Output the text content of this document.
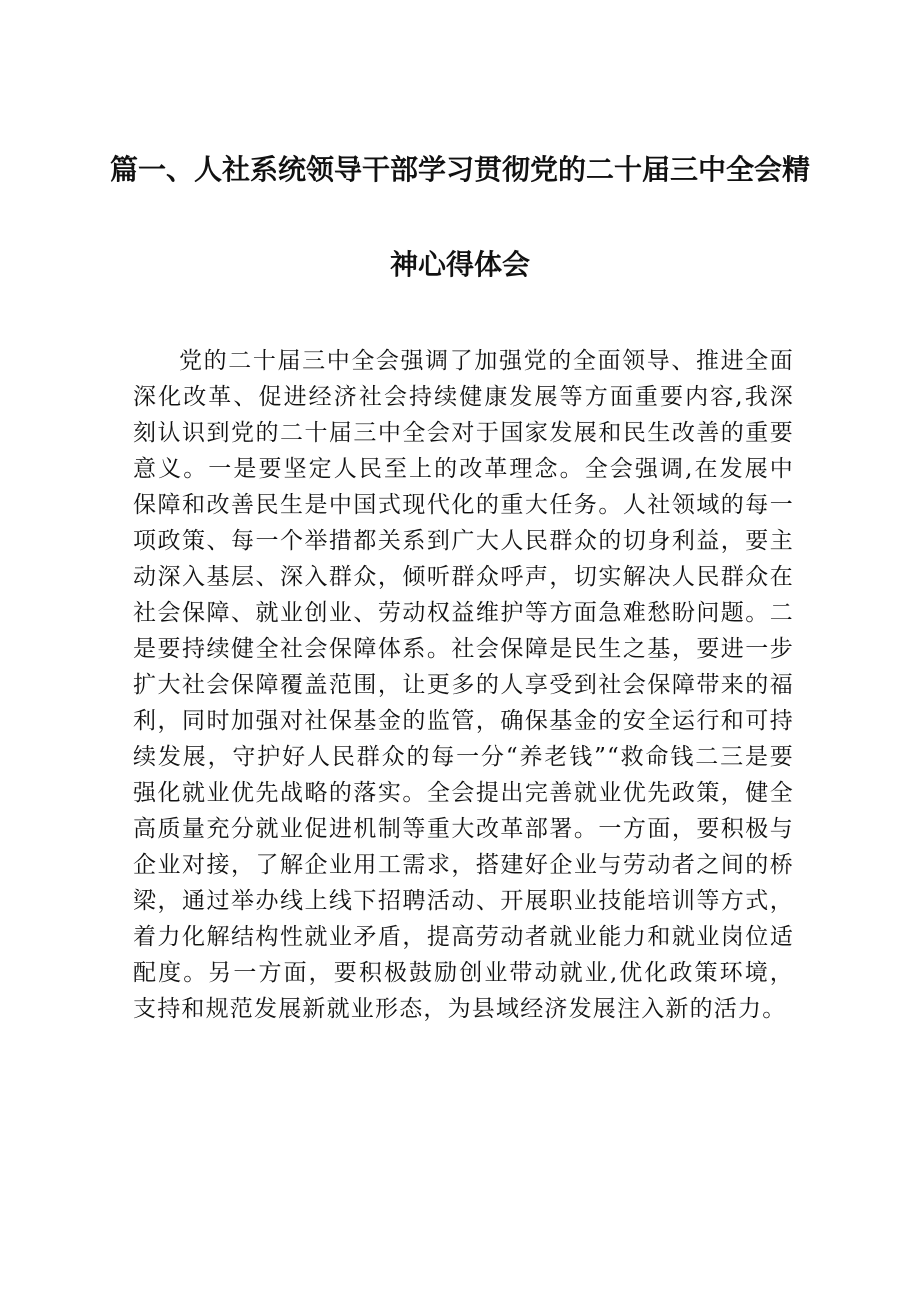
篇一、人社系统领导干部学习贯彻党的二十届三中全会精
神心得体会

党的二十届三中全会强调了加强党的全面领导、推进全面深化改革、促进经济社会持续健康发展等方面重要内容,我深刻认识到党的二十届三中全会对于国家发展和民生改善的重要意义。一是要坚定人民至上的改革理念。全会强调,在发展中保障和改善民生是中国式现代化的重大任务。人社领域的每一项政策、每一个举措都关系到广大人民群众的切身利益，要主动深入基层、深入群众，倾听群众呼声，切实解决人民群众在社会保障、就业创业、劳动权益维护等方面急难愁盼问题。二是要持续健全社会保障体系。社会保障是民生之基，要进一步扩大社会保障覆盖范围，让更多的人享受到社会保障带来的福利，同时加强对社保基金的监管，确保基金的安全运行和可持续发展，守护好人民群众的每一分“养老钱”“救命钱二三是要强化就业优先战略的落实。全会提出完善就业优先政策，健全高质量充分就业促进机制等重大改革部署。一方面，要积极与企业对接，了解企业用工需求，搭建好企业与劳动者之间的桥梁，通过举办线上线下招聘活动、开展职业技能培训等方式，着力化解结构性就业矛盾，提高劳动者就业能力和就业岗位适配度。另一方面，要积极鼓励创业带动就业,优化政策环境，支持和规范发展新就业形态，为县域经济发展注入新的活力。
